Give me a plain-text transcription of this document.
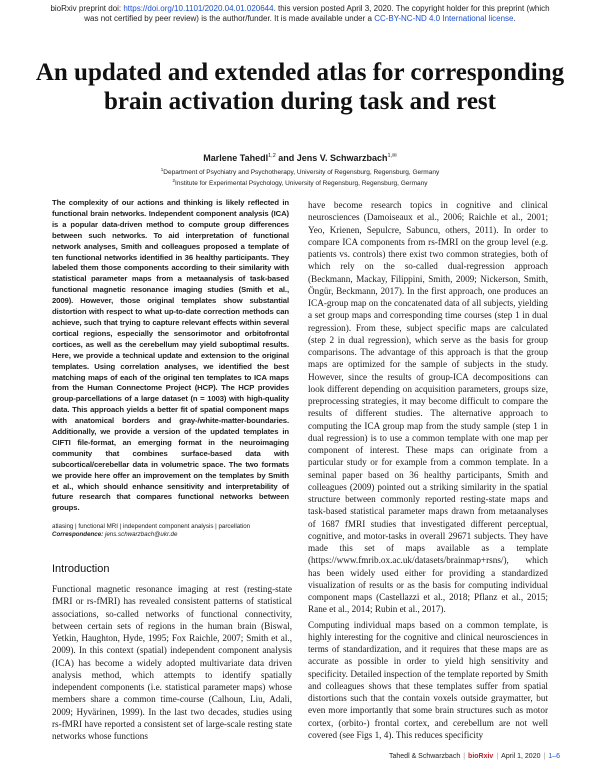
bioRxiv preprint doi: https://doi.org/10.1101/2020.04.01.020644. this version posted April 3, 2020. The copyright holder for this preprint (which
was not certified by peer review) is the author/funder. It is made available under a CC-BY-NC-ND 4.0 International license.
An updated and extended atlas for corresponding brain activation during task and rest
Marlene Tahedl$^{1,2}$ and Jens V. Schwarzbach$^{1,✉}$
$^1$Department of Psychiatry and Psychotherapy, University of Regensburg, Regensburg, Germany
$^2$Institute for Experimental Psychology, University of Regensburg, Regensburg, Germany
The complexity of our actions and thinking is likely reflected in functional brain networks. Independent component analysis (ICA) is a popular data-driven method to compute group differences between such networks. To aid interpretation of functional network analyses, Smith and colleagues proposed a template of ten functional networks identified in 36 healthy participants. They labeled them those components according to their similarity with statistical parameter maps from a metaanalysis of task-based functional magnetic resonance imaging studies (Smith et al., 2009). However, those original templates show substantial distortion with respect to what up-to-date correction methods can achieve, such that trying to capture relevant effects within several cortical regions, especially the sensorimotor and orbitofrontal cortices, as well as the cerebellum may yield suboptimal results. Here, we provide a technical update and extension to the original templates. Using correlation analyses, we identified the best matching maps of each of the original ten templates to ICA maps from the Human Connectome Project (HCP). The HCP provides group-parcellations of a large dataset (n = 1003) with high-quality data. This approach yields a better fit of spatial component maps with anatomical borders and gray-/white-matter-boundaries. Additionally, we provide a version of the updated templates in CIFTI file-format, an emerging format in the neuroimaging community that combines surface-based data with subcortical/cerebellar data in volumetric space. The two formats we provide here offer an improvement on the templates by Smith et al., which should enhance sensitivity and interpretability of future research that compares functional networks between groups.
atlasing | functional MRI | independent component analysis | parcellation
Correspondence: jens.schwarzbach@ukr.de
Introduction
Functional magnetic resonance imaging at rest (resting-state fMRI or rs-fMRI) has revealed consistent patterns of statistical associations, so-called networks of functional connectivity, between certain sets of regions in the human brain (Biswal, Yetkin, Haughton, Hyde, 1995; Fox Raichle, 2007; Smith et al., 2009). In this context (spatial) independent component analysis (ICA) has become a widely adopted multivariate data driven analysis method, which attempts to identify spatially independent components (i.e. statistical parameter maps) whose members share a common time-course (Calhoun, Liu, Adali, 2009; Hyvärinen, 1999). In the last two decades, studies using rs-fMRI have reported a consistent set of large-scale resting state networks whose functions

have become research topics in cognitive and clinical neurosciences (Damoiseaux et al., 2006; Raichle et al., 2001; Yeo, Krienen, Sepulcre, Sabuncu, others, 2011). In order to compare ICA components from rs-fMRI on the group level (e.g. patients vs. controls) there exist two common strategies, both of which rely on the so-called dual-regression approach (Beckmann, Mackay, Filippini, Smith, 2009; Nickerson, Smith, Öngür, Beckmann, 2017). In the first approach, one produces an ICA-group map on the concatenated data of all subjects, yielding a set group maps and corresponding time courses (step 1 in dual regression). From these, subject specific maps are calculated (step 2 in dual regression), which serve as the basis for group comparisons. The advantage of this approach is that the group maps are optimized for the sample of subjects in the study. However, since the results of group-ICA decompositions can look different depending on acquisition parameters, groups size, preprocessing strategies, it may become difficult to compare the results of different studies. The alternative approach to computing the ICA group map from the study sample (step 1 in dual regression) is to use a common template with one map per component of interest. These maps can originate from a particular study or for example from a common template. In a seminal paper based on 36 healthy participants, Smith and colleagues (2009) pointed out a striking similarity in the spatial structure between commonly reported resting-state maps and task-based statistical parameter maps drawn from metaanalyses of 1687 fMRI studies that investigated different perceptual, cognitive, and motor-tasks in overall 29671 subjects. They have made this set of maps available as a template (https://www.fmrib.ox.ac.uk/datasets/brainmap+rsns/), which has been widely used either for providing a standardized visualization of results or as the basis for computing individual component maps (Castellazzi et al., 2018; Pflanz et al., 2015; Rane et al., 2014; Rubin et al., 2017).

Computing individual maps based on a common template, is highly interesting for the cognitive and clinical neurosciences in terms of standardization, and it requires that these maps are as accurate as possible in order to yield high sensitivity and specificity. Detailed inspection of the template reported by Smith and colleagues shows that these templates suffer from spatial distortions such that the contain voxels outside graymatter, but even more importantly that some brain structures such as motor cortex, (orbito-) frontal cortex, and cerebellum are not well covered (see Figs 1, 4). This reduces specificity

Tahedl & Schwarzbach | bioRxiv | April 1, 2020 | 1–6
